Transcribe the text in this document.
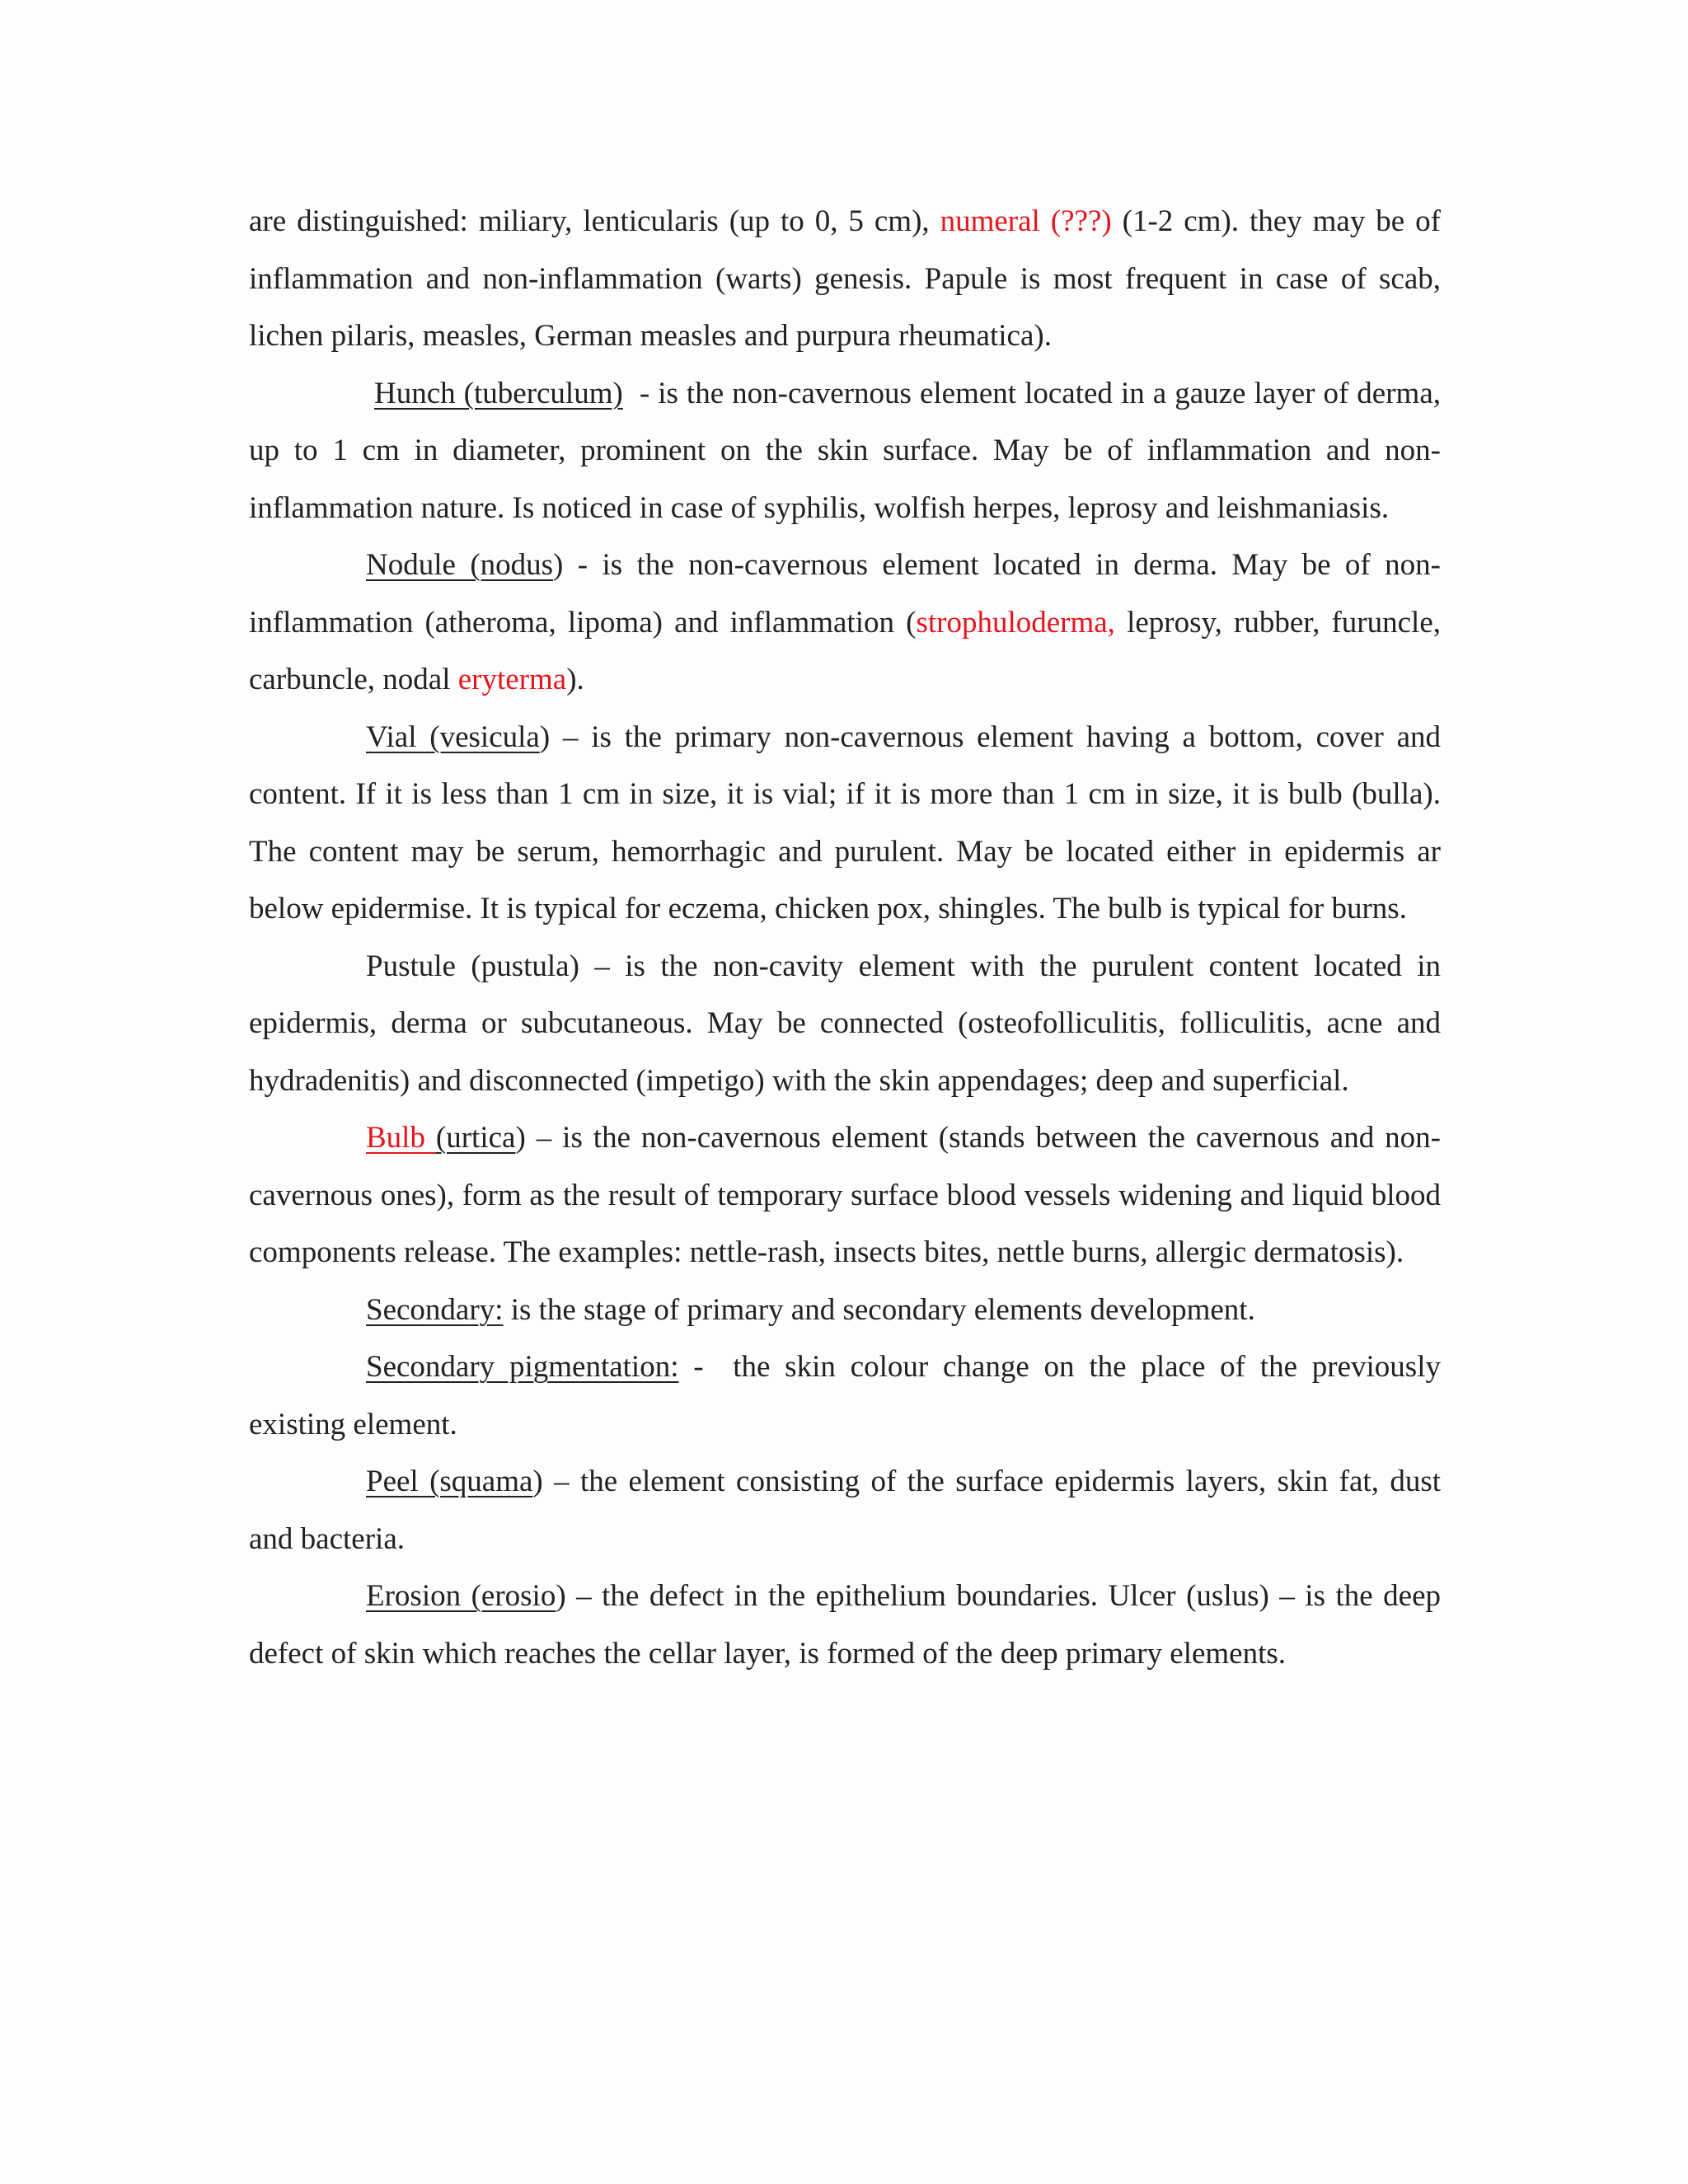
are distinguished: miliary, lenticularis (up to 0, 5 cm), numeral (???) (1-2 cm). they may be of inflammation and non-inflammation (warts) genesis. Papule is most frequent in case of scab, lichen pilaris, measles, German measles and purpura rheumatica).

Hunch (tuberculum)  - is the non-cavernous element located in a gauze layer of derma, up to 1 cm in diameter, prominent on the skin surface. May be of inflammation and non-inflammation nature. Is noticed in case of syphilis, wolfish herpes, leprosy and leishmaniasis.

Nodule (nodus) - is the non-cavernous element located in derma. May be of non-inflammation (atheroma, lipoma) and inflammation (strophuloderma, leprosy, rubber, furuncle, carbuncle, nodal eryterma).

Vial (vesicula) – is the primary non-cavernous element having a bottom, cover and content. If it is less than 1 cm in size, it is vial; if it is more than 1 cm in size, it is bulb (bulla). The content may be serum, hemorrhagic and purulent. May be located either in epidermis ar below epidermise. It is typical for eczema, chicken pox, shingles. The bulb is typical for burns.

Pustule (pustula) – is the non-cavity element with the purulent content located in epidermis, derma or subcutaneous. May be connected (osteofolliculitis, folliculitis, acne and hydradenitis) and disconnected (impetigo) with the skin appendages; deep and superficial.

Bulb (urtica) – is the non-cavernous element (stands between the cavernous and non-cavernous ones), form as the result of temporary surface blood vessels widening and liquid blood components release. The examples: nettle-rash, insects bites, nettle burns, allergic dermatosis).

Secondary: is the stage of primary and secondary elements development.

Secondary pigmentation: -  the skin colour change on the place of the previously existing element.

Peel (squama) – the element consisting of the surface epidermis layers, skin fat, dust and bacteria.

Erosion (erosio) – the defect in the epithelium boundaries. Ulcer (uslus) – is the deep defect of skin which reaches the cellar layer, is formed of the deep primary elements.
